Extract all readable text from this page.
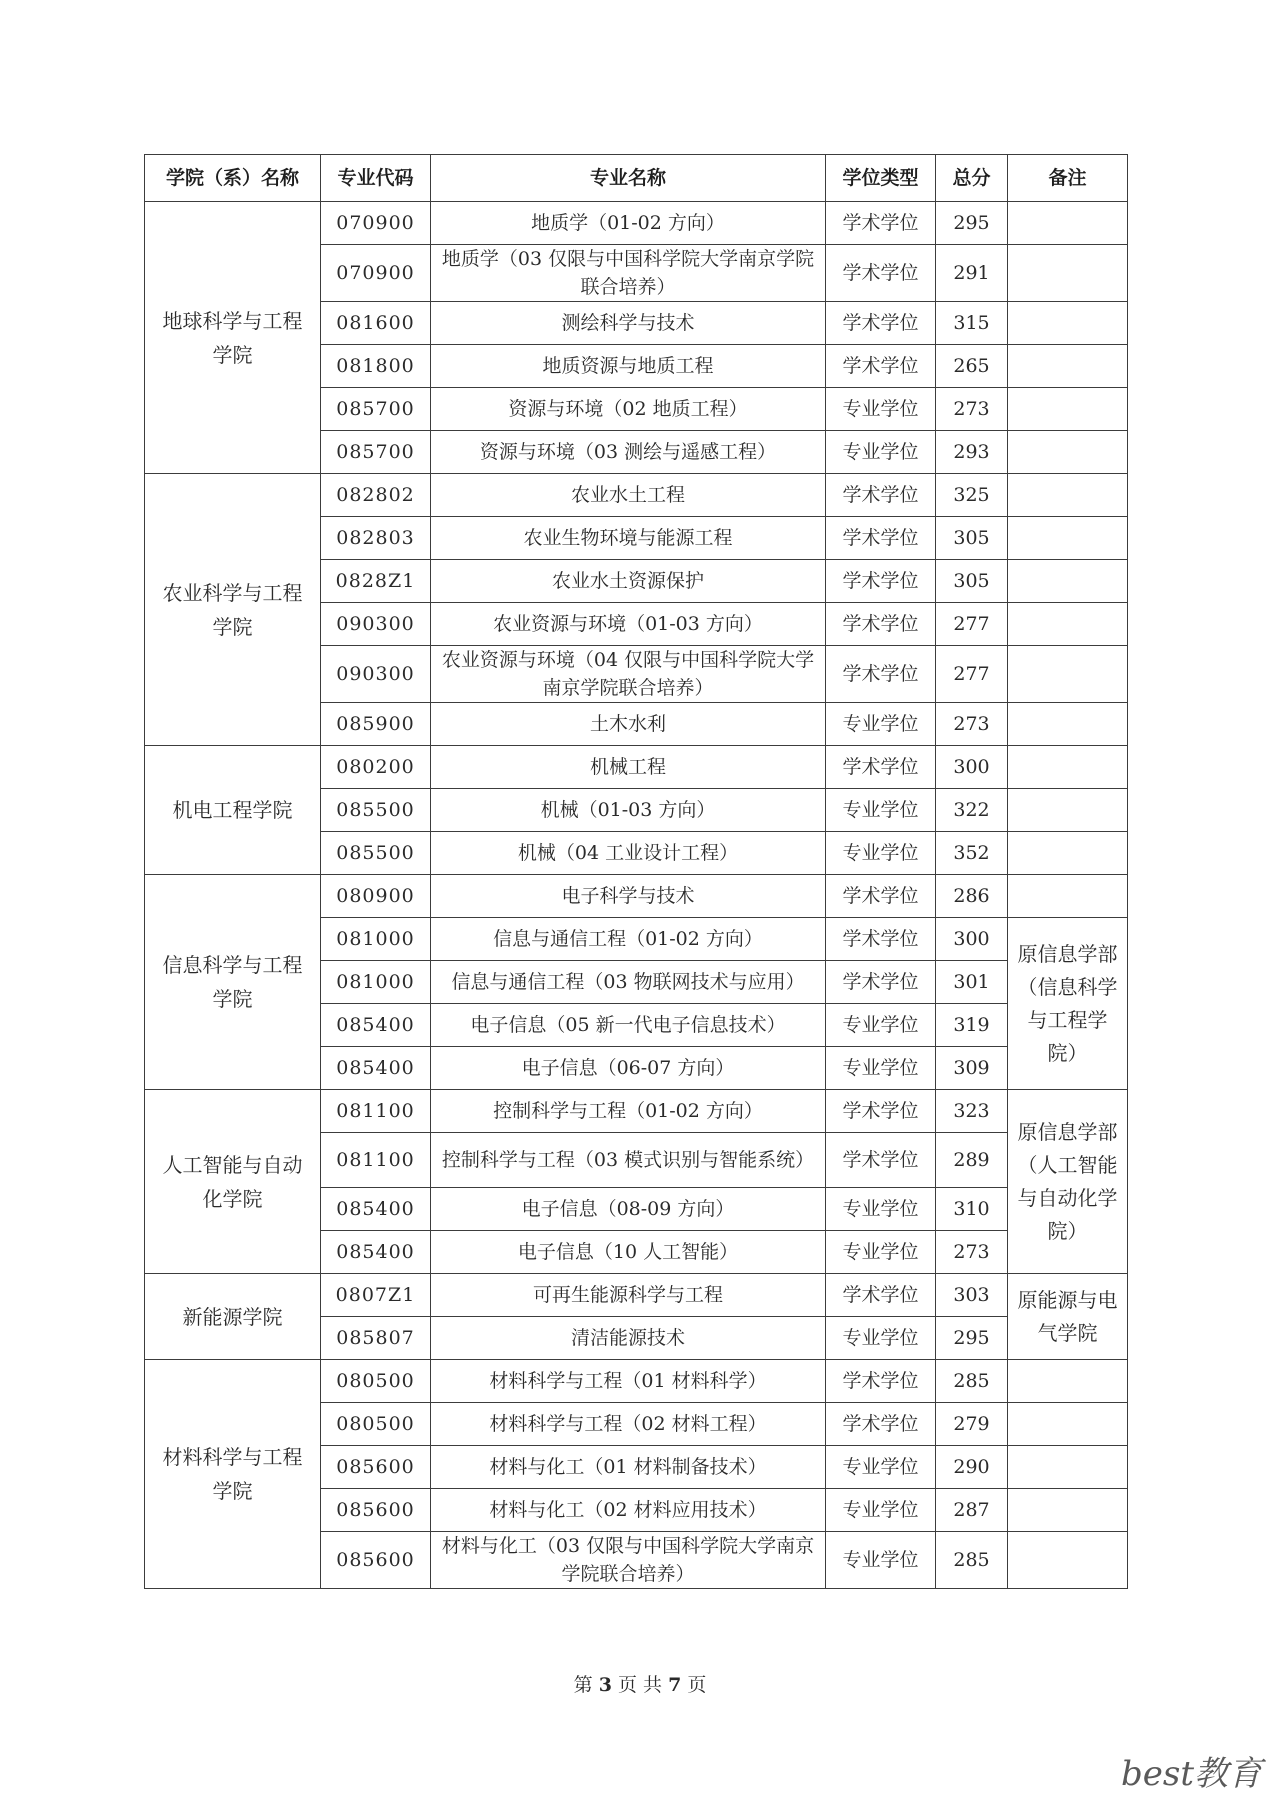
学院（系）名称	专业代码	专业名称	学位类型	总分	备注
地球科学与工程学院	070900	地质学（01-02 方向）	学术学位	295	
	070900	地质学（03 仅限与中国科学院大学南京学院联合培养）	学术学位	291	
	081600	测绘科学与技术	学术学位	315	
	081800	地质资源与地质工程	学术学位	265	
	085700	资源与环境（02 地质工程）	专业学位	273	
	085700	资源与环境（03 测绘与遥感工程）	专业学位	293	
农业科学与工程学院	082802	农业水土工程	学术学位	325	
	082803	农业生物环境与能源工程	学术学位	305	
	0828Z1	农业水土资源保护	学术学位	305	
	090300	农业资源与环境（01-03 方向）	学术学位	277	
	090300	农业资源与环境（04 仅限与中国科学院大学南京学院联合培养）	学术学位	277	
	085900	土木水利	专业学位	273	
机电工程学院	080200	机械工程	学术学位	300	
	085500	机械（01-03 方向）	专业学位	322	
	085500	机械（04 工业设计工程）	专业学位	352	
信息科学与工程学院	080900	电子科学与技术	学术学位	286	
	081000	信息与通信工程（01-02 方向）	学术学位	300	原信息学部（信息科学与工程学院）
	081000	信息与通信工程（03 物联网技术与应用）	学术学位	301	
	085400	电子信息（05 新一代电子信息技术）	专业学位	319	
	085400	电子信息（06-07 方向）	专业学位	309	
人工智能与自动化学院	081100	控制科学与工程（01-02 方向）	学术学位	323	原信息学部（人工智能与自动化学院）
	081100	控制科学与工程（03 模式识别与智能系统）	学术学位	289	
	085400	电子信息（08-09 方向）	专业学位	310	
	085400	电子信息（10 人工智能）	专业学位	273	
新能源学院	0807Z1	可再生能源科学与工程	学术学位	303	原能源与电气学院
	085807	清洁能源技术	专业学位	295	
材料科学与工程学院	080500	材料科学与工程（01 材料科学）	学术学位	285	
	080500	材料科学与工程（02 材料工程）	学术学位	279	
	085600	材料与化工（01 材料制备技术）	专业学位	290	
	085600	材料与化工（02 材料应用技术）	专业学位	287	
	085600	材料与化工（03 仅限与中国科学院大学南京学院联合培养）	专业学位	285	
第 3 页 共 7 页
best教育
